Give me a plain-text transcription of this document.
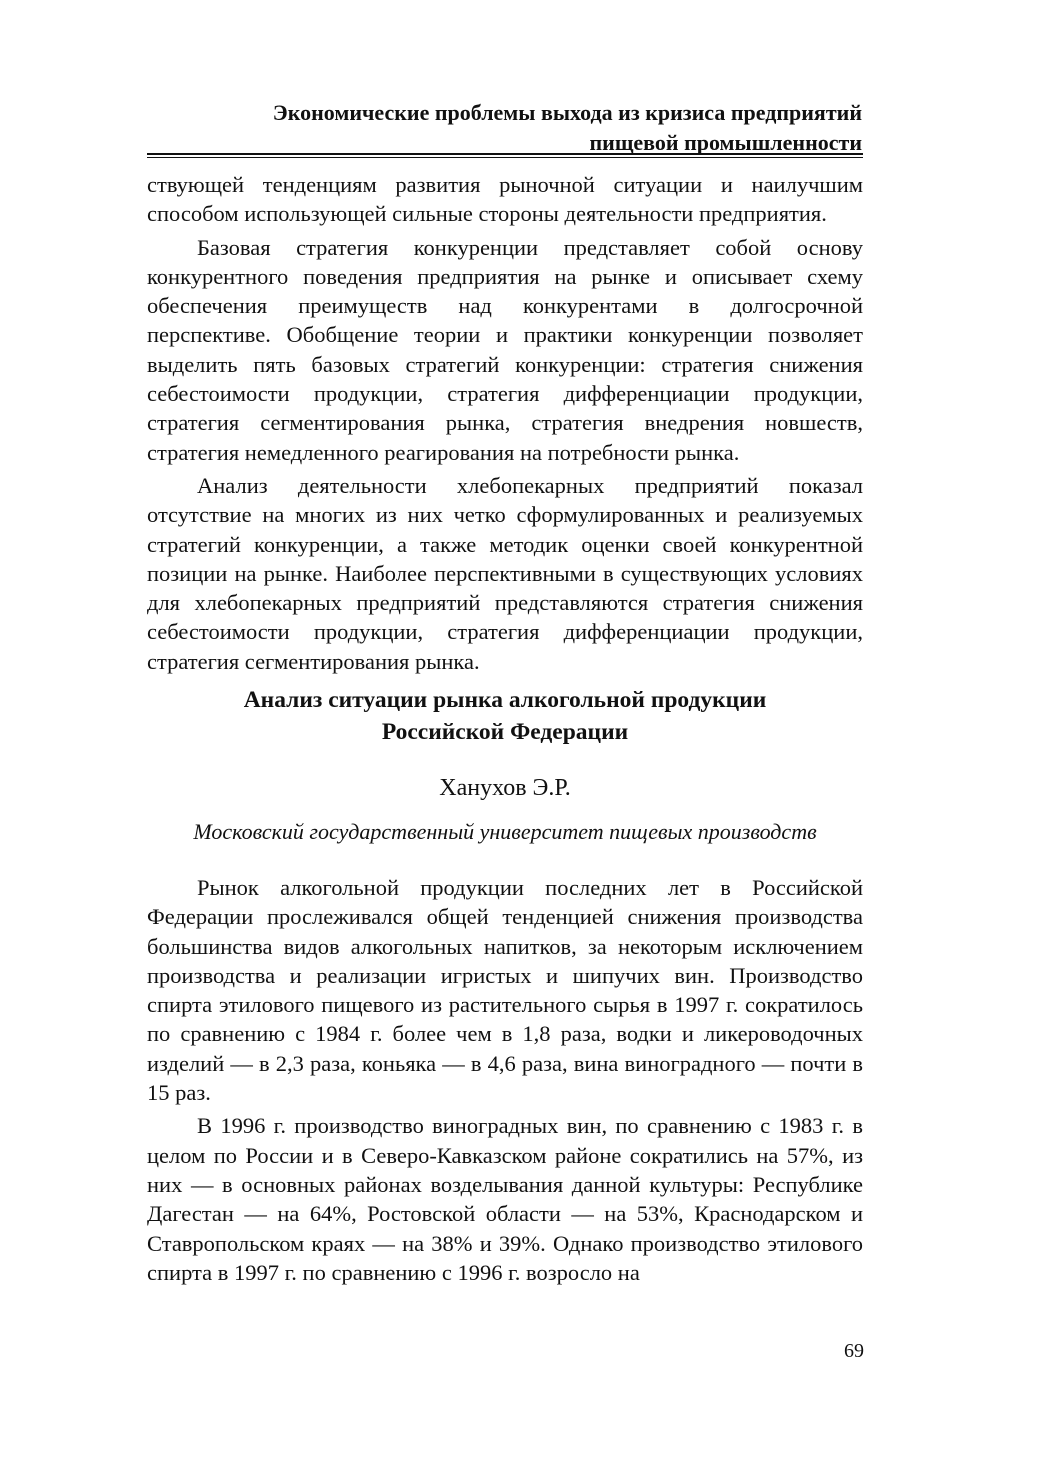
Экономические проблемы выхода из кризиса предприятий
пищевой промышленности

ствующей тенденциям развития рыночной ситуации и наилучшим способом использующей сильные стороны деятельности предприятия.

Базовая стратегия конкуренции представляет собой основу конкурентного поведения предприятия на рынке и описывает схему обеспечения преимуществ над конкурентами в долгосрочной перспективе. Обобщение теории и практики конкуренции позволяет выделить пять базовых стратегий конкуренции: стратегия снижения себестоимости продукции, стратегия дифференциации продукции, стратегия сегментирования рынка, стратегия внедрения новшеств, стратегия немедленного реагирования на потребности рынка.

Анализ деятельности хлебопекарных предприятий показал отсутствие на многих из них четко сформулированных и реализуемых стратегий конкуренции, а также методик оценки своей конкурентной позиции на рынке. Наиболее перспективными в существующих условиях для хлебопекарных предприятий представляются стратегия снижения себестоимости продукции, стратегия дифференциации продукции, стратегия сегментирования рынка.

Анализ ситуации рынка алкогольной продукции
Российской Федерации
Ханухов Э.Р.
Московский государственный университет пищевых производств

Рынок алкогольной продукции последних лет в Российской Федерации прослеживался общей тенденцией снижения производства большинства видов алкогольных напитков, за некоторым исключением производства и реализации игристых и шипучих вин. Производство спирта этилового пищевого из растительного сырья в 1997 г. сократилось по сравнению с 1984 г. более чем в 1,8 раза, водки и ликероводочных изделий — в 2,3 раза, коньяка — в 4,6 раза, вина виноградного — почти в 15 раз.

В 1996 г. производство виноградных вин, по сравнению с 1983 г. в целом по России и в Северо-Кавказском районе сократились на 57%, из них — в основных районах возделывания данной культуры: Республике Дагестан — на 64%, Ростовской области — на 53%, Краснодарском и Ставропольском краях — на 38% и 39%. Однако производство этилового спирта в 1997 г. по сравнению с 1996 г. возросло на

69
